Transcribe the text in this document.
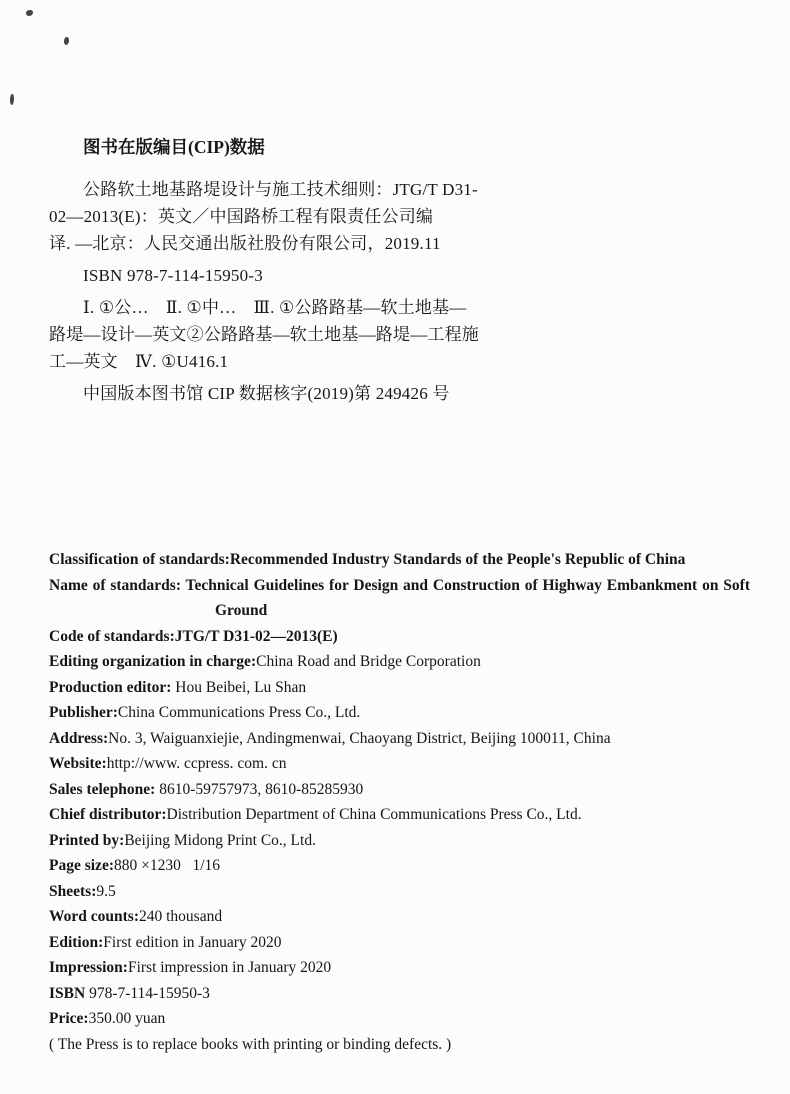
图书在版编目(CIP)数据

公路软土地基路堤设计与施工技术细则：JTG/T D31-

02—2013(E)：英文／中国路桥工程有限责任公司编

译. —北京：人民交通出版社股份有限公司，2019.11

ISBN 978-7-114-15950-3

Ⅰ. ①公…　Ⅱ. ①中…　Ⅲ. ①公路路基—软土地基—

路堤—设计—英文②公路路基—软土地基—路堤—工程施

工—英文　Ⅳ. ①U416.1

中国版本图书馆 CIP 数据核字(2019)第 249426 号

Classification of standards:Recommended Industry Standards of the People's Republic of China

Name of standards: Technical Guidelines for Design and Construction of Highway Embankment on Soft Ground

Code of standards:JTG/T D31-02—2013(E)

Editing organization in charge:China Road and Bridge Corporation

Production editor: Hou Beibei, Lu Shan

Publisher:China Communications Press Co., Ltd.

Address:No. 3, Waiguanxiejie, Andingmenwai, Chaoyang District, Beijing 100011, China

Website:http://www. ccpress. com. cn

Sales telephone: 8610-59757973, 8610-85285930

Chief distributor:Distribution Department of China Communications Press Co., Ltd.

Printed by:Beijing Midong Print Co., Ltd.

Page size:880 ×1230   1/16

Sheets:9.5

Word counts:240 thousand

Edition:First edition in January 2020

Impression:First impression in January 2020

ISBN 978-7-114-15950-3

Price:350.00 yuan

( The Press is to replace books with printing or binding defects. )
